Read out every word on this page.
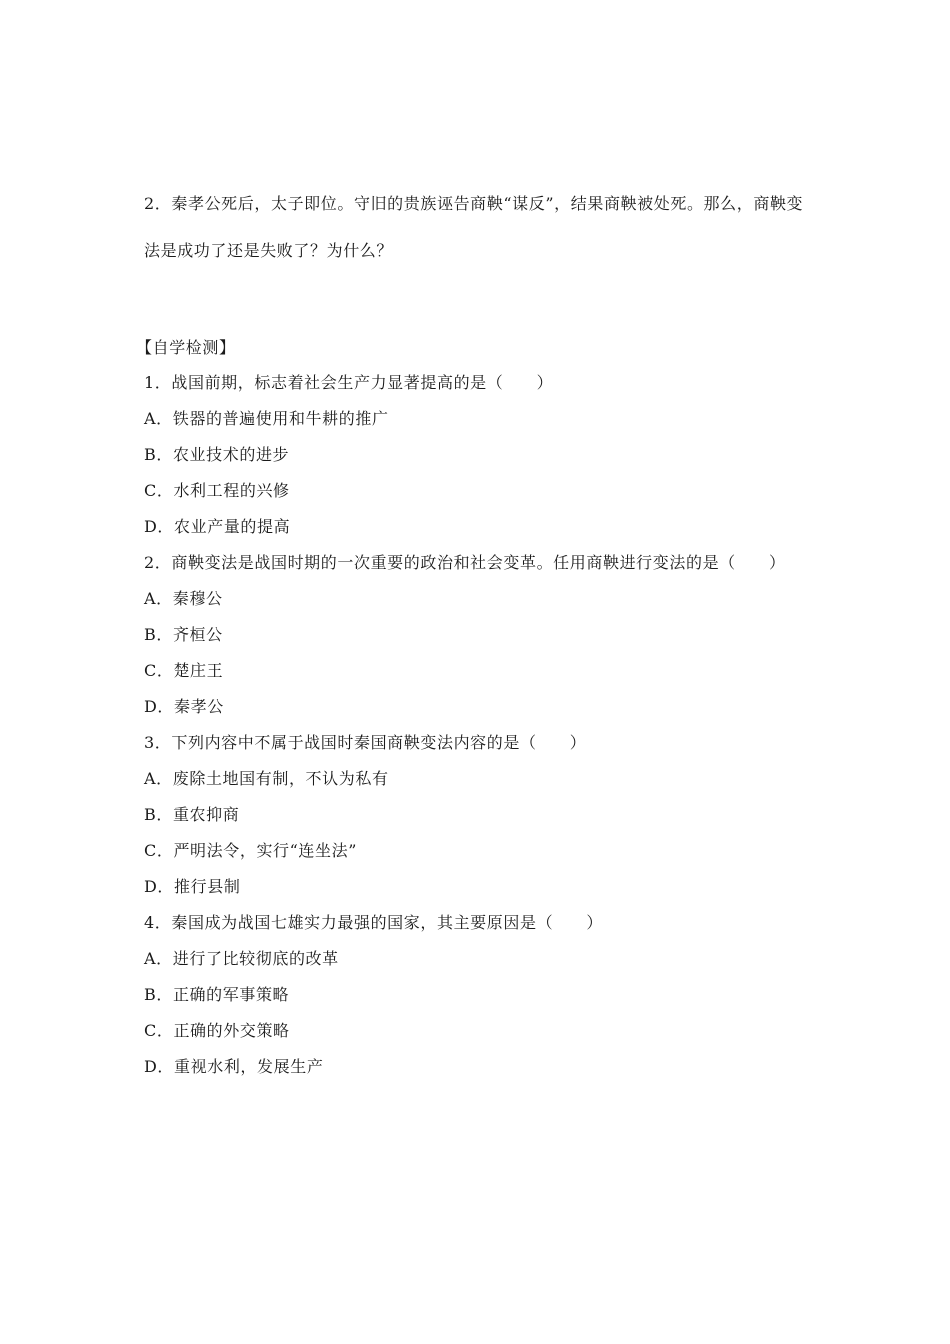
2．秦孝公死后，太子即位。守旧的贵族诬告商鞅“谋反”，结果商鞅被处死。那么，商鞅变法是成功了还是失败了？为什么？

【自学检测】

1．战国前期，标志着社会生产力显著提高的是（　　）
A．铁器的普遍使用和牛耕的推广
B．农业技术的进步
C．水利工程的兴修
D．农业产量的提高
2．商鞅变法是战国时期的一次重要的政治和社会变革。任用商鞅进行变法的是（　　）
A．秦穆公
B．齐桓公
C．楚庄王
D．秦孝公
3．下列内容中不属于战国时秦国商鞅变法内容的是（　　）
A．废除土地国有制，不认为私有
B．重农抑商
C．严明法令，实行“连坐法”
D．推行县制
4．秦国成为战国七雄实力最强的国家，其主要原因是（　　）
A．进行了比较彻底的改革
B．正确的军事策略
C．正确的外交策略
D．重视水利，发展生产
